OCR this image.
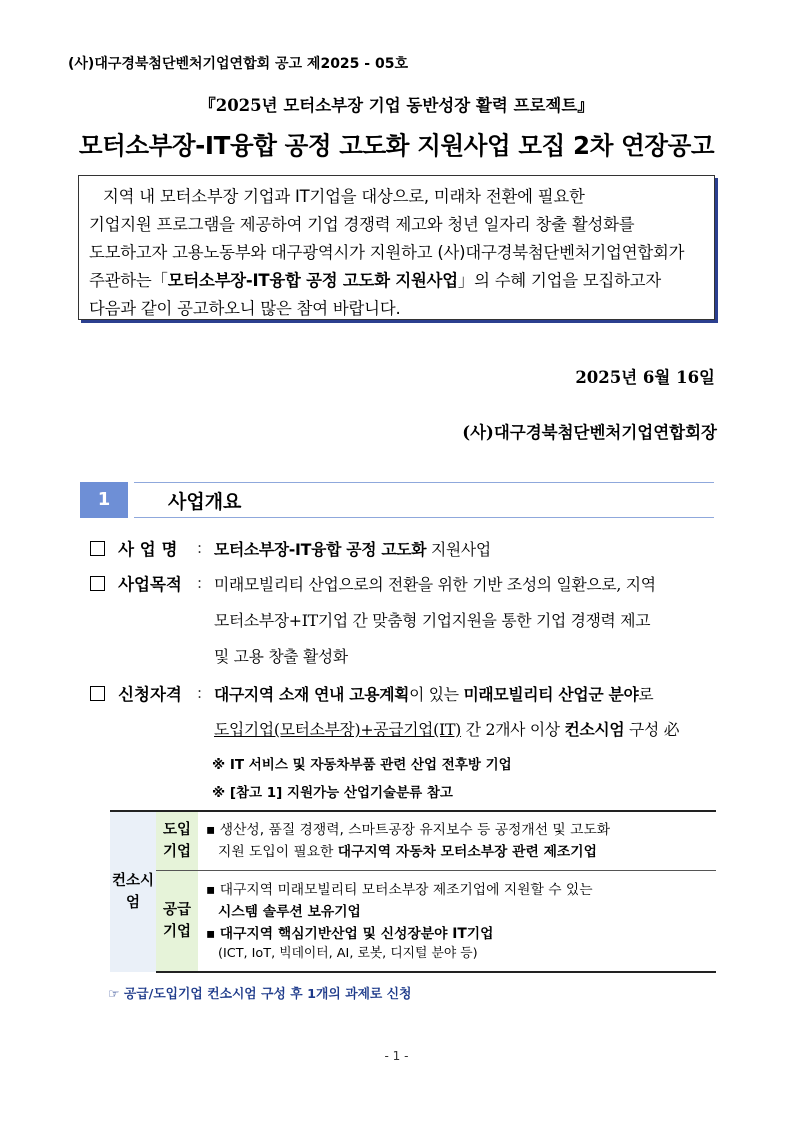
(사)대구경북첨단벤처기업연합회 공고 제2025 - 05호
『2025년 모터소부장 기업 동반성장 활력 프로젝트』
모터소부장-IT융합 공정 고도화 지원사업 모집 2차 연장공고
지역 내 모터소부장 기업과 IT기업을 대상으로, 미래차 전환에 필요한
기업지원 프로그램을 제공하여 기업 경쟁력 제고와 청년 일자리 창출 활성화를
도모하고자 고용노동부와 대구광역시가 지원하고 (사)대구경북첨단벤처기업연합회가
주관하는「모터소부장-IT융합 공정 고도화 지원사업」의 수혜 기업을 모집하고자
다음과 같이 공고하오니 많은 참여 바랍니다.
2025년 6월 16일
(사)대구경북첨단벤처기업연합회장
1	사업개요
사 업 명 : 모터소부장-IT융합 공정 고도화 지원사업
사업목적 : 미래모빌리티 산업으로의 전환을 위한 기반 조성의 일환으로, 지역
모터소부장+IT기업 간 맞춤형 기업지원을 통한 기업 경쟁력 제고
및 고용 창출 활성화
신청자격 : 대구지역 소재 연내 고용계획이 있는 미래모빌리티 산업군 분야로
도입기업(모터소부장)+공급기업(IT) 간 2개사 이상 컨소시엄 구성 必
※ IT 서비스 및 자동차부품 관련 산업 전후방 기업
※ [참고 1] 지원가능 산업기술분류 참고
컨소시엄	도입기업	▪ 생산성, 품질 경쟁력, 스마트공장 유지보수 등 공정개선 및 고도화
지원 도입이 필요한 대구지역 자동차 모터소부장 관련 제조기업

	공급기업	▪ 대구지역 미래모빌리티 모터소부장 제조기업에 지원할 수 있는
시스템 솔루션 보유기업
▪ 대구지역 핵심기반산업 및 신성장분야 IT기업
(ICT, IoT, 빅데이터, AI, 로봇, 디지털 분야 등)
☞ 공급/도입기업 컨소시엄 구성 후 1개의 과제로 신청
- 1 -
